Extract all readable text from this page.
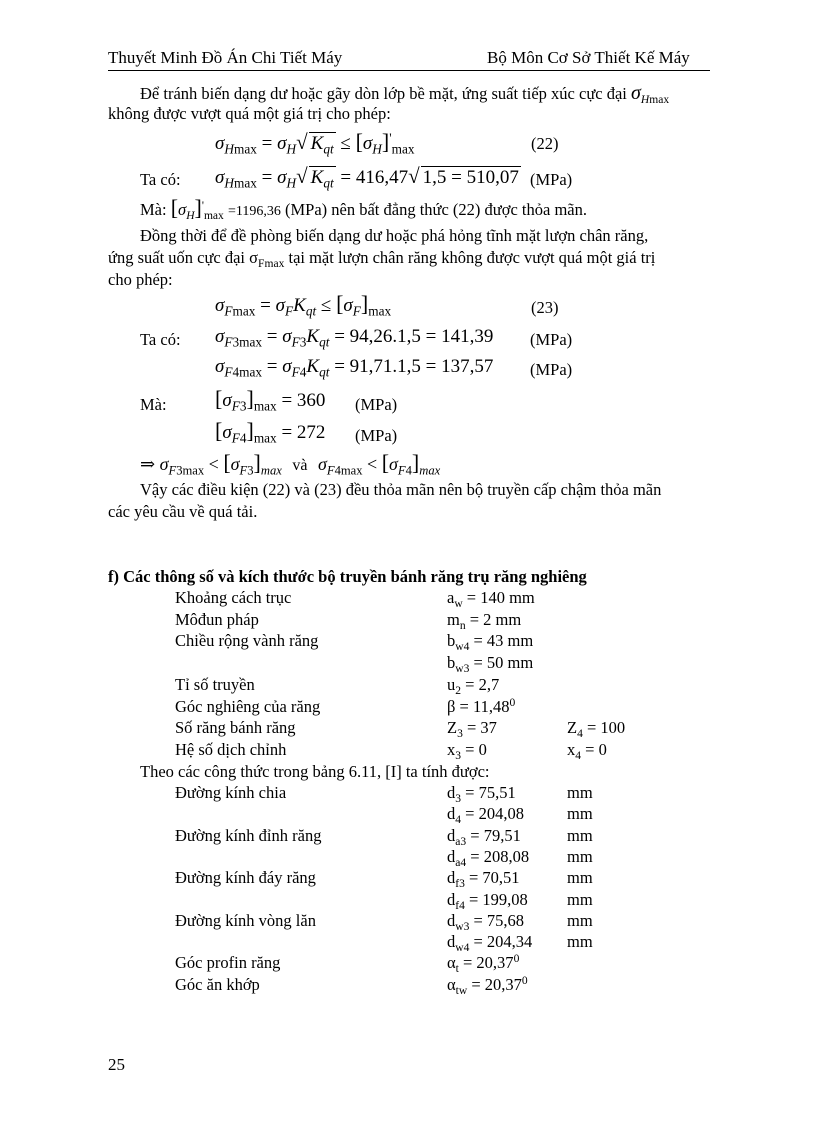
Thuyết Minh Đồ Án Chi Tiết Máy	Bộ Môn Cơ Sở Thiết Kế Máy
Để tránh biến dạng dư hoặc gãy dòn lớp bề mặt, ứng suất tiếp xúc cực đại $\sigma_{Hmax}$
không được vượt quá một giá trị cho phép:
$\sigma_{Hmax} = \sigma_H√$ $K_{qt} \le [\sigma_H]'_{max}$	(22)
Ta có: $\sigma_{Hmax} = \sigma_H√$ $K_{qt} = 416,47√$ 1,5 = 510,07 (MPa)
Mà: $[\sigma_H]'_{max} =1196,36$ (MPa) nên bất đẳng thức (22) được thỏa mãn.
Đồng thời để đề phòng biến dạng dư hoặc phá hỏng tĩnh mặt lượn chân răng,
ứng suất uốn cực đại $\sigma_{Fmax}$ tại mặt lượn chân răng không được vượt quá một giá trị
cho phép:
$\sigma_{Fmax} = \sigma_FK_{qt} \le [\sigma_F]_{max}$	(23)
Ta có: $\sigma_{F3max} = \sigma_{F3}K_{qt} = 94,26.1,5 = 141,39$ (MPa)
$\sigma_{F4max} = \sigma_{F4}K_{qt} = 91,71.1,5 = 137,57$ (MPa)
Mà: $[\sigma_{F3}]_{max} = 360$ (MPa)
$[\sigma_{F4}]_{max} = 272$ (MPa)
⇒ $\sigma_{F3max} < [\sigma_{F3}]_{max}$ và $\sigma_{F4max} < [\sigma_{F4}]_{max}$
Vậy các điều kiện (22) và (23) đều thỏa mãn nên bộ truyền cấp chậm thỏa mãn
các yêu cầu về quá tải.
f) Các thông số và kích thước bộ truyền bánh răng trụ răng nghiêng
Khoảng cách trục	$a_w = 140$ mm
Môđun pháp	$m_n = 2$ mm
Chiều rộng vành răng	$b_{w4} = 43$ mm
$b_{w3} = 50$ mm
Tỉ số truyền	$u_2 = 2,7$
Góc nghiêng của răng	$\beta = 11,48^0$
Số răng bánh răng	$Z_3 = 37$	$Z_4 = 100$
Hệ số dịch chỉnh	$x_3 = 0$	$x_4 = 0$
Theo các công thức trong bảng 6.11, [I] ta tính được:
Đường kính chia	$d_3 = 75,51$	mm
$d_4 = 204,08$	mm
Đường kính đỉnh răng	$d_{a3} = 79,51$	mm
$d_{a4} = 208,08$ mm
Đường kính đáy răng	$d_{f3} = 70,51$	mm
$d_{f4} = 199,08$ mm
Đường kính vòng lăn	$d_{w3} = 75,68$	mm
$d_{w4} = 204,34$ mm
Góc profin răng	$\alpha_t = 20,37^0$
Góc ăn khớp	$\alpha_{tw} = 20,37^0$
25
